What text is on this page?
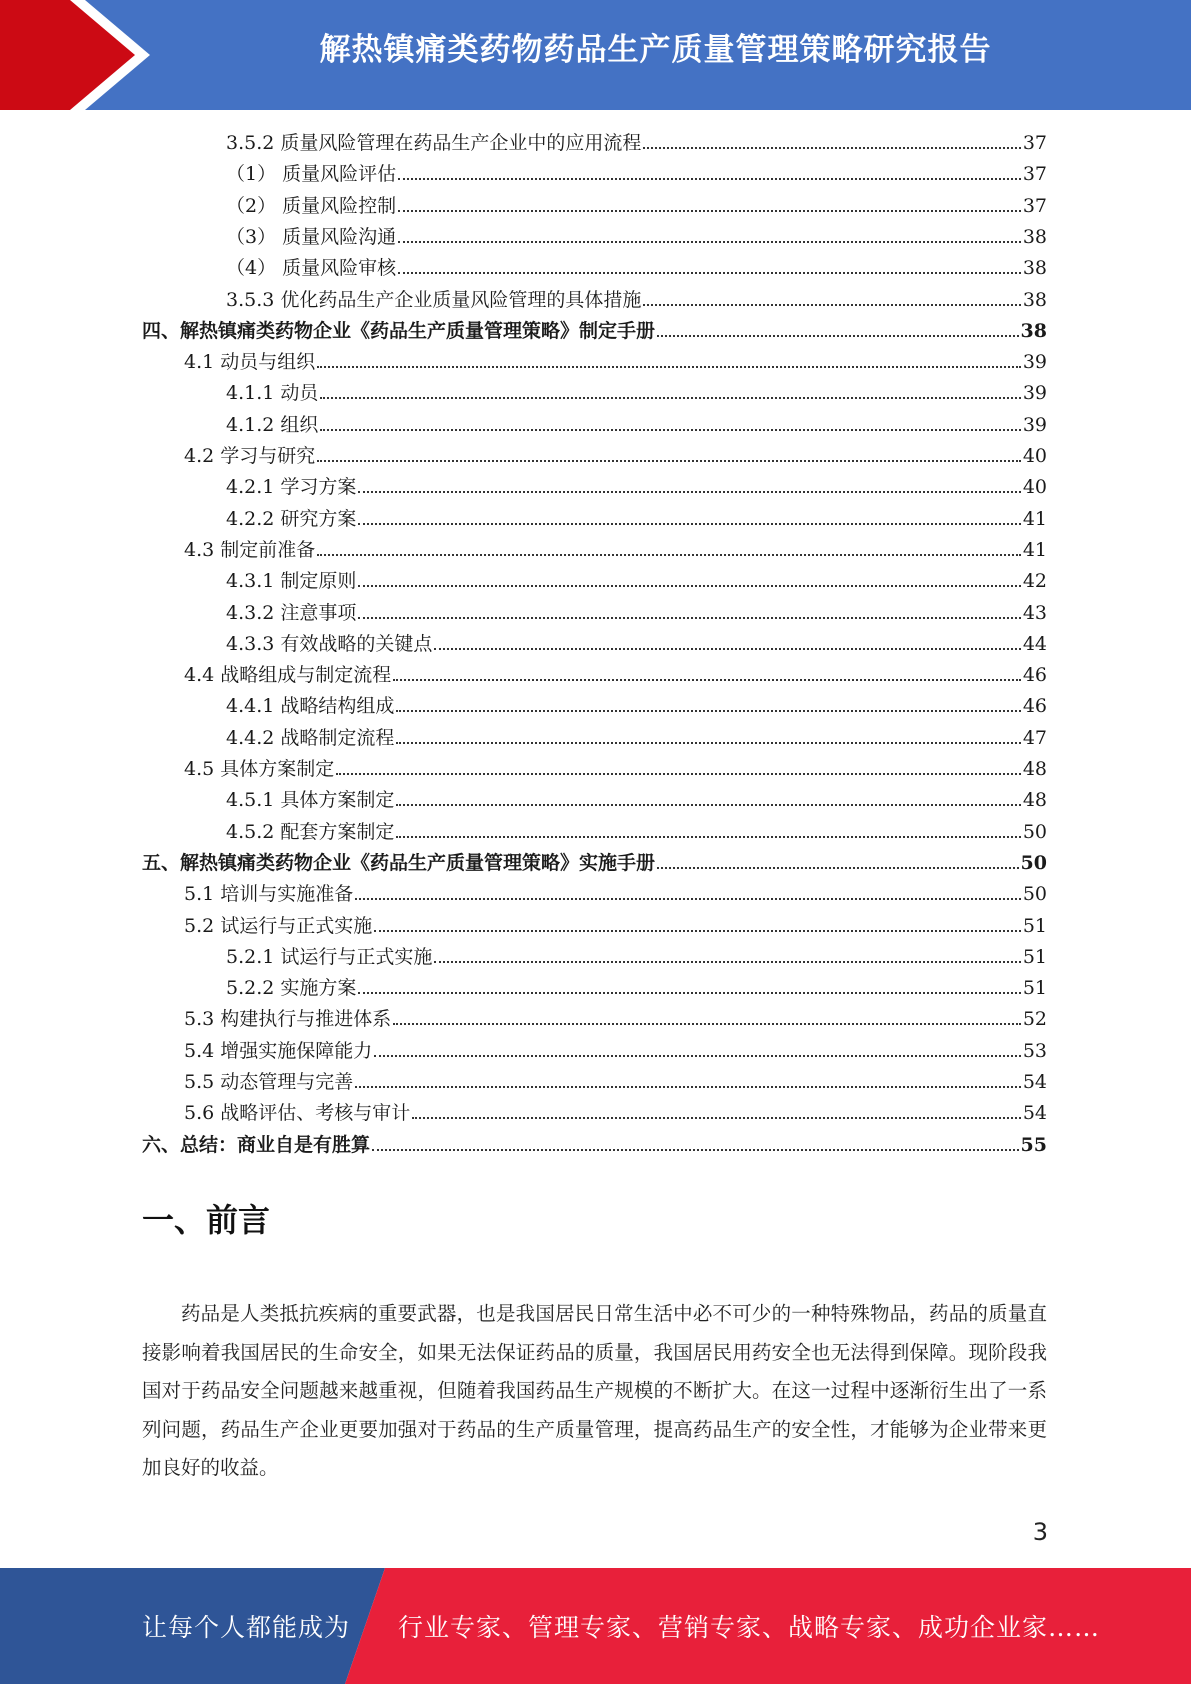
解热镇痛类药物药品生产质量管理策略研究报告
3.5.2 质量风险管理在药品生产企业中的应用流程	37
（1） 质量风险评估	37
（2） 质量风险控制	37
（3） 质量风险沟通	38
（4） 质量风险审核	38
3.5.3 优化药品生产企业质量风险管理的具体措施	38
四、解热镇痛类药物企业《药品生产质量管理策略》制定手册	38
4.1 动员与组织	39
4.1.1 动员	39
4.1.2 组织	39
4.2 学习与研究	40
4.2.1 学习方案	40
4.2.2 研究方案	41
4.3 制定前准备	41
4.3.1 制定原则	42
4.3.2 注意事项	43
4.3.3 有效战略的关键点	44
4.4 战略组成与制定流程	46
4.4.1 战略结构组成	46
4.4.2 战略制定流程	47
4.5 具体方案制定	48
4.5.1 具体方案制定	48
4.5.2 配套方案制定	50
五、解热镇痛类药物企业《药品生产质量管理策略》实施手册	50
5.1 培训与实施准备	50
5.2 试运行与正式实施	51
5.2.1 试运行与正式实施	51
5.2.2 实施方案	51
5.3 构建执行与推进体系	52
5.4 增强实施保障能力	53
5.5 动态管理与完善	54
5.6 战略评估、考核与审计	54
六、总结：商业自是有胜算	55
一、前言
药品是人类抵抗疾病的重要武器，也是我国居民日常生活中必不可少的一种特殊物品，药品的质量直接影响着我国居民的生命安全，如果无法保证药品的质量，我国居民用药安全也无法得到保障。现阶段我国对于药品安全问题越来越重视，但随着我国药品生产规模的不断扩大。在这一过程中逐渐衍生出了一系列问题，药品生产企业更要加强对于药品的生产质量管理，提高药品生产的安全性，才能够为企业带来更加良好的收益。
3
让每个人都能成为 行业专家、管理专家、营销专家、战略专家、成功企业家……
